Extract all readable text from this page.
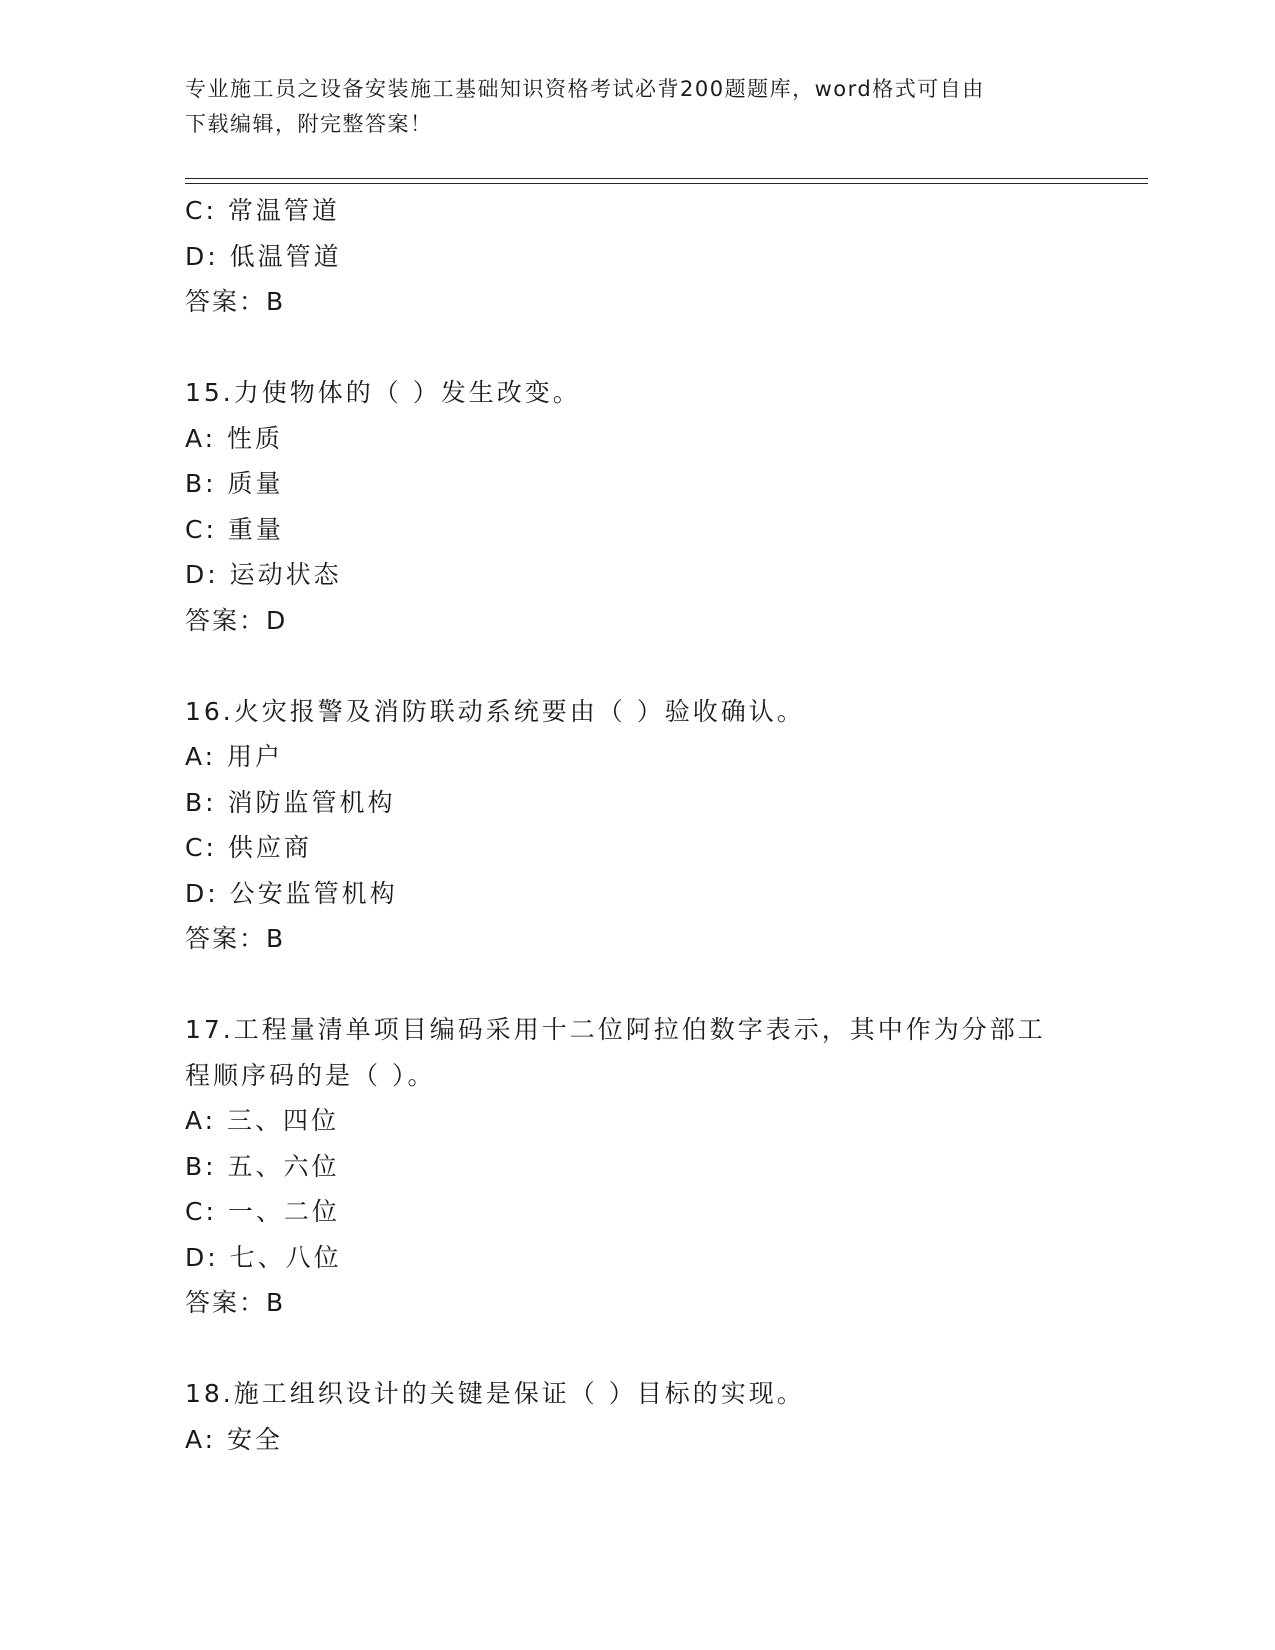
专业施工员之设备安装施工基础知识资格考试必背200题题库，word格式可自由
下载编辑，附完整答案！
C: 常温管道
D: 低温管道
答案：B
15.力使物体的（ ）发生改变。
A: 性质
B: 质量
C: 重量
D: 运动状态
答案：D
16.火灾报警及消防联动系统要由（ ）验收确认。
A: 用户
B: 消防监管机构
C: 供应商
D: 公安监管机构
答案：B
17.工程量清单项目编码采用十二位阿拉伯数字表示，其中作为分部工
程顺序码的是（ ）。
A: 三、四位
B: 五、六位
C: 一、二位
D: 七、八位
答案：B
18.施工组织设计的关键是保证（ ）目标的实现。
A: 安全
